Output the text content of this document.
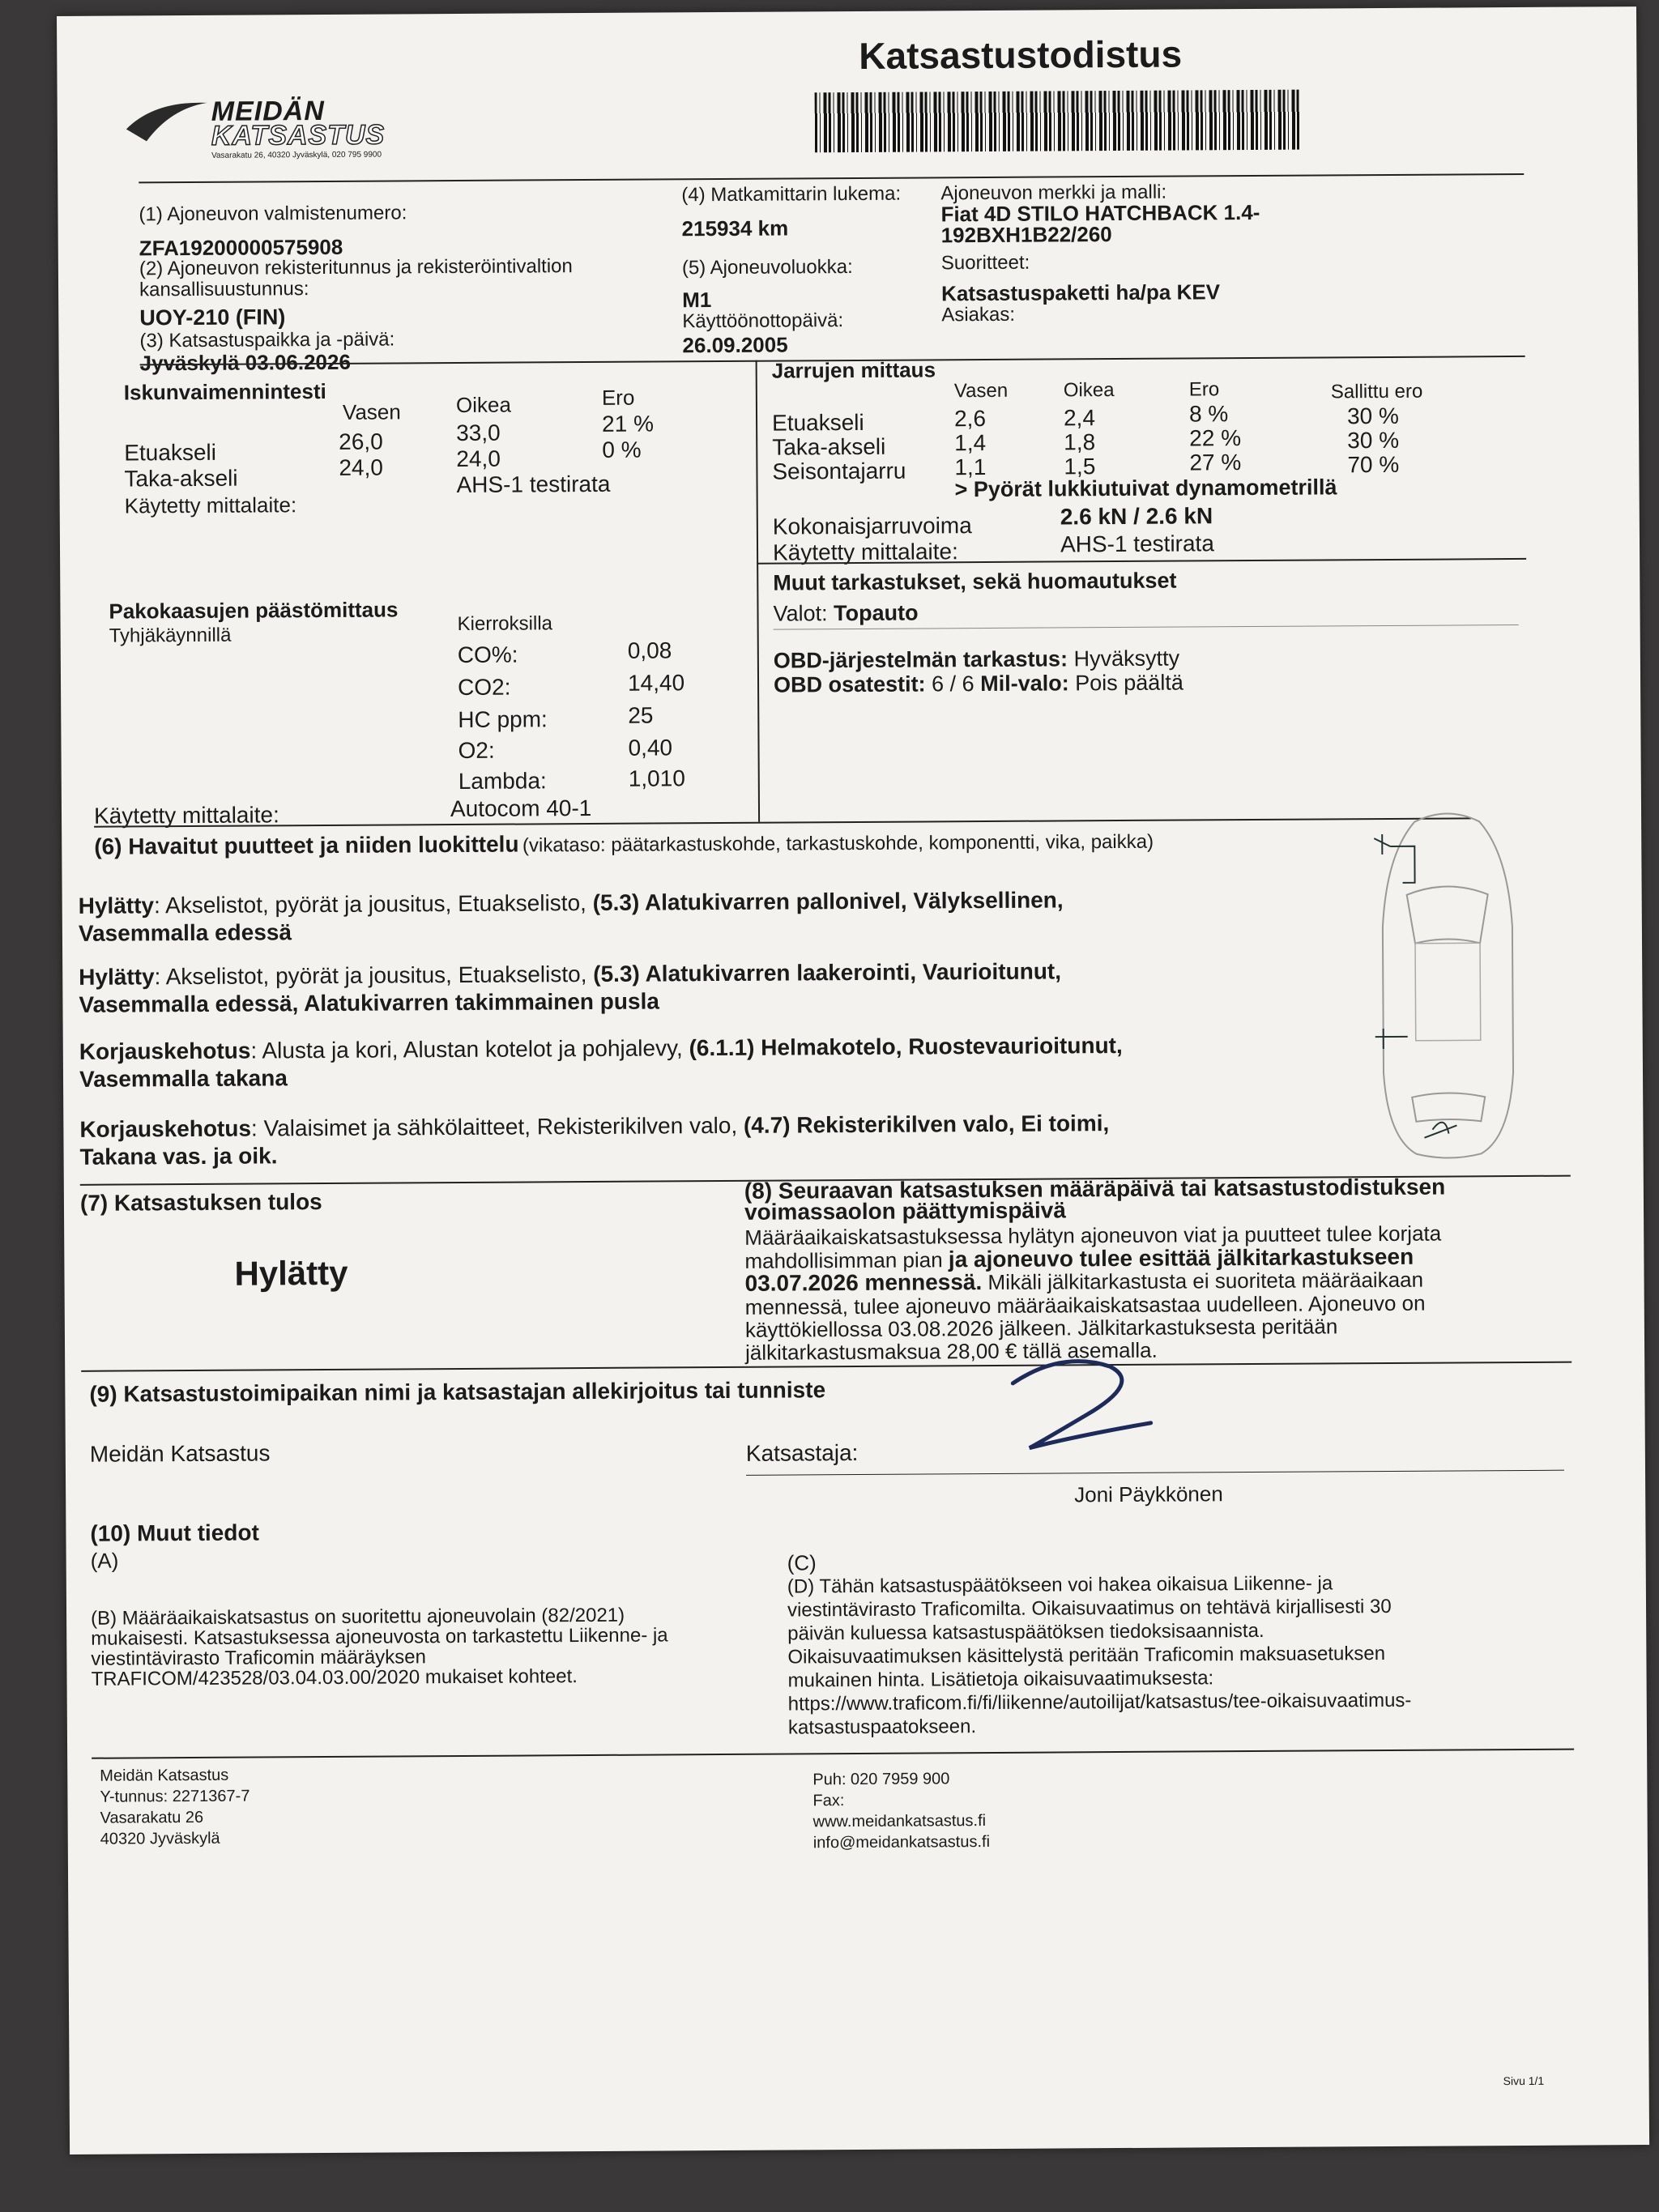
MEIDÄN
KATSASTUS
Vasarakatu 26, 40320 Jyväskylä, 020 795 9900
Katsastustodistus
(1) Ajoneuvon valmistenumero:
ZFA19200000575908
(2) Ajoneuvon rekisteritunnus ja rekisteröintivaltion kansallisuustunnus:
UOY-210 (FIN)
(3) Katsastuspaikka ja -päivä:
Jyväskylä 03.06.2026
(4) Matkamittarin lukema:
215934 km
(5) Ajoneuvoluokka:
M1
Käyttöönottopäivä:
26.09.2005
Ajoneuvon merkki ja malli:
Fiat 4D STILO HATCHBACK 1.4-
192BXH1B22/260
Suoritteet:
Katsastuspaketti ha/pa KEV
Asiakas:
Iskunvaimennintesti
Vasen	Oikea	Ero
Etuakseli	26,0	33,0	21 %
Taka-akseli	24,0	24,0	0 %
Käytetty mittalaite:
AHS-1 testirata
Jarrujen mittaus
Vasen	Oikea	Ero	Sallittu ero
Etuakseli	2,6	2,4	8 %	30 %
Taka-akseli	1,4	1,8	22 %	30 %
Seisontajarru 1,1	1,5	27 %	70 %
> Pyörät lukkiutuivat dynamometrillä
Kokonaisjarruvoima	2.6 kN / 2.6 kN
Käytetty mittalaite:	AHS-1 testirata
Pakokaasujen päästömittaus
Tyhjäkäynnillä
Kierroksilla
CO%:	0,08
CO2:	14,40
HC ppm:	25
O2:	0,40
Lambda:	1,010
Käytetty mittalaite:	Autocom 40-1
Muut tarkastukset, sekä huomautukset
Valot: Topauto
OBD-järjestelmän tarkastus: Hyväksytty
OBD osatestit: 6 / 6 Mil-valo: Pois päältä
(6) Havaitut puutteet ja niiden luokittelu (vikataso: päätarkastuskohde, tarkastuskohde, komponentti, vika, paikka)
Hylätty: Akselistot, pyörät ja jousitus, Etuakselisto, (5.3) Alatukivarren pallonivel, Välyksellinen,
Vasemmalla edessä
Hylätty: Akselistot, pyörät ja jousitus, Etuakselisto, (5.3) Alatukivarren laakerointi, Vaurioitunut,
Vasemmalla edessä, Alatukivarren takimmainen pusla
Korjauskehotus: Alusta ja kori, Alustan kotelot ja pohjalevy, (6.1.1) Helmakotelo, Ruostevaurioitunut,
Vasemmalla takana
Korjauskehotus: Valaisimet ja sähkölaitteet, Rekisterikilven valo, (4.7) Rekisterikilven valo, Ei toimi,
Takana vas. ja oik.
(7) Katsastuksen tulos
Hylätty
(8) Seuraavan katsastuksen määräpäivä tai katsastustodistuksen
voimassaolon päättymispäivä
Määräaikaiskatsastuksessa hylätyn ajoneuvon viat ja puutteet tulee korjata
mahdollisimman pian ja ajoneuvo tulee esittää jälkitarkastukseen
03.07.2026 mennessä. Mikäli jälkitarkastusta ei suoriteta määräaikaan
mennessä, tulee ajoneuvo määräaikaiskatsastaa uudelleen. Ajoneuvo on
käyttökiellossa 03.08.2026 jälkeen. Jälkitarkastuksesta peritään
jälkitarkastusmaksua 28,00 € tällä asemalla.
(9) Katsastustoimipaikan nimi ja katsastajan allekirjoitus tai tunniste
Meidän Katsastus	Katsastaja:
Joni Päykkönen
(10) Muut tiedot
(A)
(B) Määräaikaiskatsastus on suoritettu ajoneuvolain (82/2021)
mukaisesti. Katsastuksessa ajoneuvosta on tarkastettu Liikenne- ja
viestintävirasto Traficomin määräyksen
TRAFICOM/423528/03.04.03.00/2020 mukaiset kohteet.
(C)
(D) Tähän katsastuspäätökseen voi hakea oikaisua Liikenne- ja
viestintävirasto Traficomilta. Oikaisuvaatimus on tehtävä kirjallisesti 30
päivän kuluessa katsastuspäätöksen tiedoksisaannista.
Oikaisuvaatimuksen käsittelystä peritään Traficomin maksuasetuksen
mukainen hinta. Lisätietoja oikaisuvaatimuksesta:
https://www.traficom.fi/fi/liikenne/autoilijat/katsastus/tee-oikaisuvaatimus-
katsastuspaatokseen.
Meidän Katsastus
Y-tunnus: 2271367-7
Vasarakatu 26
40320 Jyväskylä
Puh: 020 7959 900
Fax:
www.meidankatsastus.fi
info@meidankatsastus.fi
Sivu 1/1
